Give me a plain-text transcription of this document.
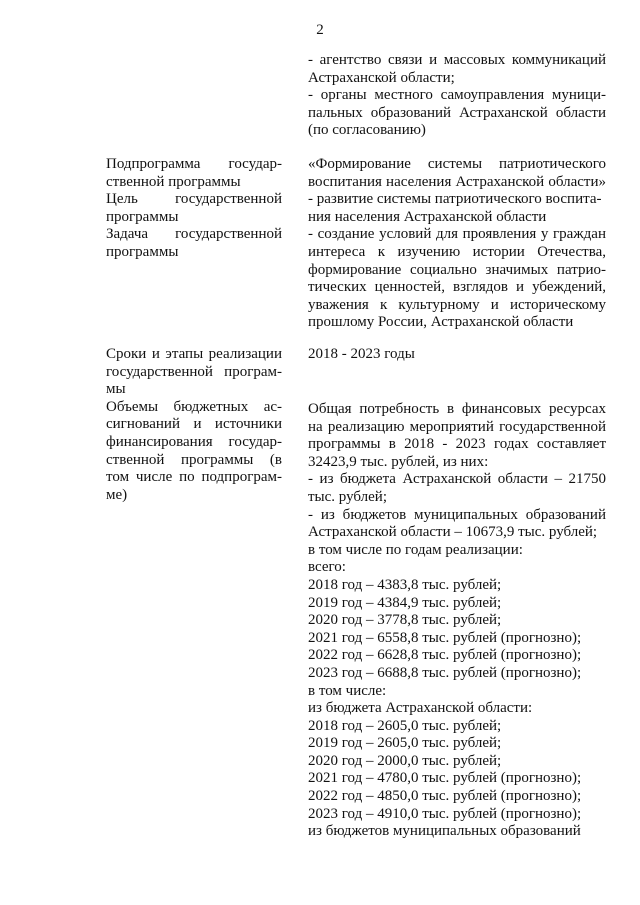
2
- агентство связи и массовых коммуникаций
Астраханской области;
- органы местного самоуправления муници-
пальных образований Астраханской области
(по согласованию)
Подпрограмма государ-
ственной программы
Цель государственной
программы
Задача государственной
программы
«Формирование системы патриотического
воспитания населения Астраханской области»
- развитие системы патриотического воспита-
ния населения Астраханской области
- создание условий для проявления у граждан
интереса к изучению истории Отечества,
формирование социально значимых патрио-
тических ценностей, взглядов и убеждений,
уважения к культурному и историческому
прошлому России, Астраханской области
Сроки и этапы реализации
государственной програм-
мы
Объемы бюджетных ас-
сигнований и источники
финансирования государ-
ственной программы (в
том числе по подпрограм-
ме)
2018 - 2023 годы
Общая потребность в финансовых ресурсах
на реализацию мероприятий государственной
программы в 2018 - 2023 годах составляет
32423,9 тыс. рублей, из них:
- из бюджета Астраханской области – 21750
тыс. рублей;
- из бюджетов муниципальных образований
Астраханской области – 10673,9 тыс. рублей;
в том числе по годам реализации:
всего:
2018 год – 4383,8 тыс. рублей;
2019 год – 4384,9 тыс. рублей;
2020 год – 3778,8 тыс. рублей;
2021 год – 6558,8 тыс. рублей (прогнозно);
2022 год – 6628,8 тыс. рублей (прогнозно);
2023 год – 6688,8 тыс. рублей (прогнозно);
в том числе:
из бюджета Астраханской области:
2018 год – 2605,0 тыс. рублей;
2019 год – 2605,0 тыс. рублей;
2020 год – 2000,0 тыс. рублей;
2021 год – 4780,0 тыс. рублей (прогнозно);
2022 год – 4850,0 тыс. рублей (прогнозно);
2023 год – 4910,0 тыс. рублей (прогнозно);
из бюджетов муниципальных образований
